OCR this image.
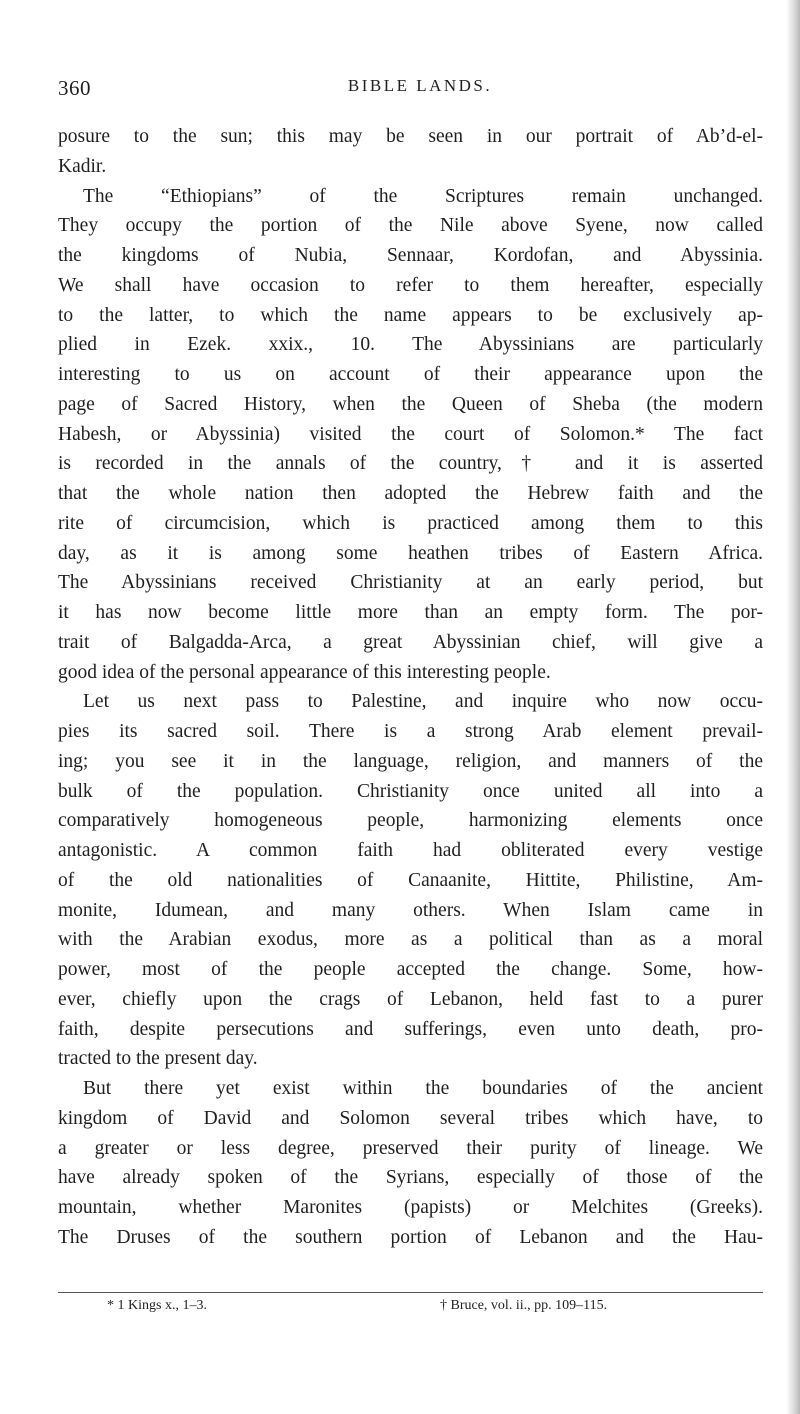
360	BIBLE LANDS.
posure to the sun; this may be seen in our portrait of Ab’d-el-
Kadir.
The “Ethiopians” of the Scriptures remain unchanged.
They occupy the portion of the Nile above Syene, now called
the kingdoms of Nubia, Sennaar, Kordofan, and Abyssinia.
We shall have occasion to refer to them hereafter, especially
to the latter, to which the name appears to be exclusively ap-
plied in Ezek. xxix., 10. The Abyssinians are particularly
interesting to us on account of their appearance upon the
page of Sacred History, when the Queen of Sheba (the modern
Habesh, or Abyssinia) visited the court of Solomon.* The fact
is recorded in the annals of the country,† and it is asserted
that the whole nation then adopted the Hebrew faith and the
rite of circumcision, which is practiced among them to this
day, as it is among some heathen tribes of Eastern Africa.
The Abyssinians received Christianity at an early period, but
it has now become little more than an empty form. The por-
trait of Balgadda-Arca, a great Abyssinian chief, will give a
good idea of the personal appearance of this interesting people.
Let us next pass to Palestine, and inquire who now occu-
pies its sacred soil. There is a strong Arab element prevail-
ing; you see it in the language, religion, and manners of the
bulk of the population. Christianity once united all into a
comparatively homogeneous people, harmonizing elements once
antagonistic. A common faith had obliterated every vestige
of the old nationalities of Canaanite, Hittite, Philistine, Am-
monite, Idumean, and many others. When Islam came in
with the Arabian exodus, more as a political than as a moral
power, most of the people accepted the change. Some, how-
ever, chiefly upon the crags of Lebanon, held fast to a purer
faith, despite persecutions and sufferings, even unto death, pro-
tracted to the present day.
But there yet exist within the boundaries of the ancient
kingdom of David and Solomon several tribes which have, to
a greater or less degree, preserved their purity of lineage. We
have already spoken of the Syrians, especially of those of the
mountain, whether Maronites (papists) or Melchites (Greeks).
The Druses of the southern portion of Lebanon and the Hau-
* 1 Kings x., 1–3.	† Bruce, vol. ii., pp. 109–115.
